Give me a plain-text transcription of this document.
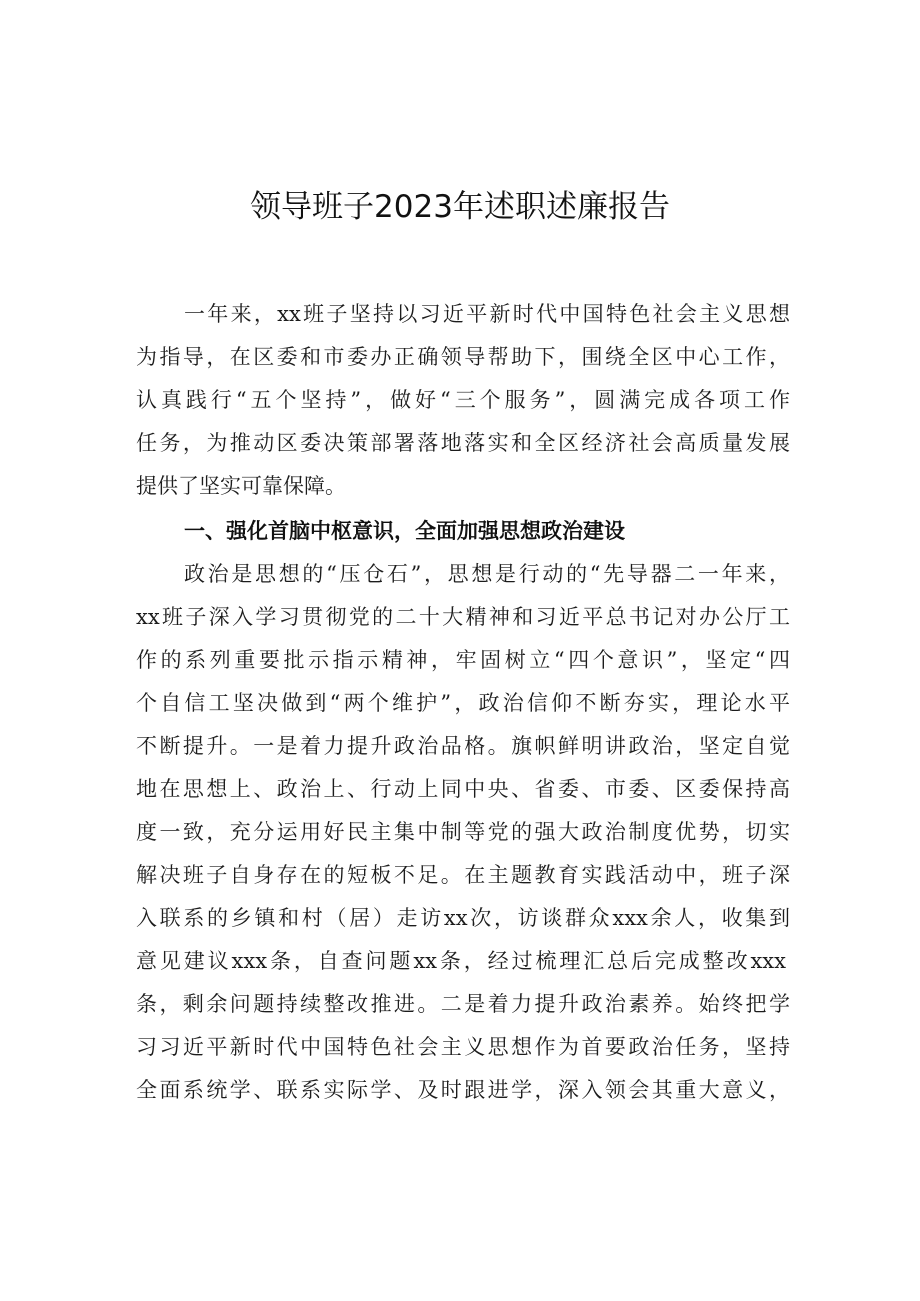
领导班子2023年述职述廉报告
一年来，xx班子坚持以习近平新时代中国特色社会主义思想
为指导，在区委和市委办正确领导帮助下，围绕全区中心工作，
认真践行“五个坚持”，做好“三个服务”，圆满完成各项工作
任务，为推动区委决策部署落地落实和全区经济社会高质量发展
提供了坚实可靠保障。
一、强化首脑中枢意识，全面加强思想政治建设
政治是思想的“压仓石”，思想是行动的“先导器二一年来，
xx班子深入学习贯彻党的二十大精神和习近平总书记对办公厅工
作的系列重要批示指示精神，牢固树立“四个意识”，坚定“四
个自信工坚决做到“两个维护”，政治信仰不断夯实，理论水平
不断提升。一是着力提升政治品格。旗帜鲜明讲政治，坚定自觉
地在思想上、政治上、行动上同中央、省委、市委、区委保持高
度一致，充分运用好民主集中制等党的强大政治制度优势，切实
解决班子自身存在的短板不足。在主题教育实践活动中，班子深
入联系的乡镇和村（居）走访xx次，访谈群众xxx余人，收集到
意见建议xxx条，自查问题xx条，经过梳理汇总后完成整改xxx
条，剩余问题持续整改推进。二是着力提升政治素养。始终把学
习习近平新时代中国特色社会主义思想作为首要政治任务，坚持
全面系统学、联系实际学、及时跟进学，深入领会其重大意义，
